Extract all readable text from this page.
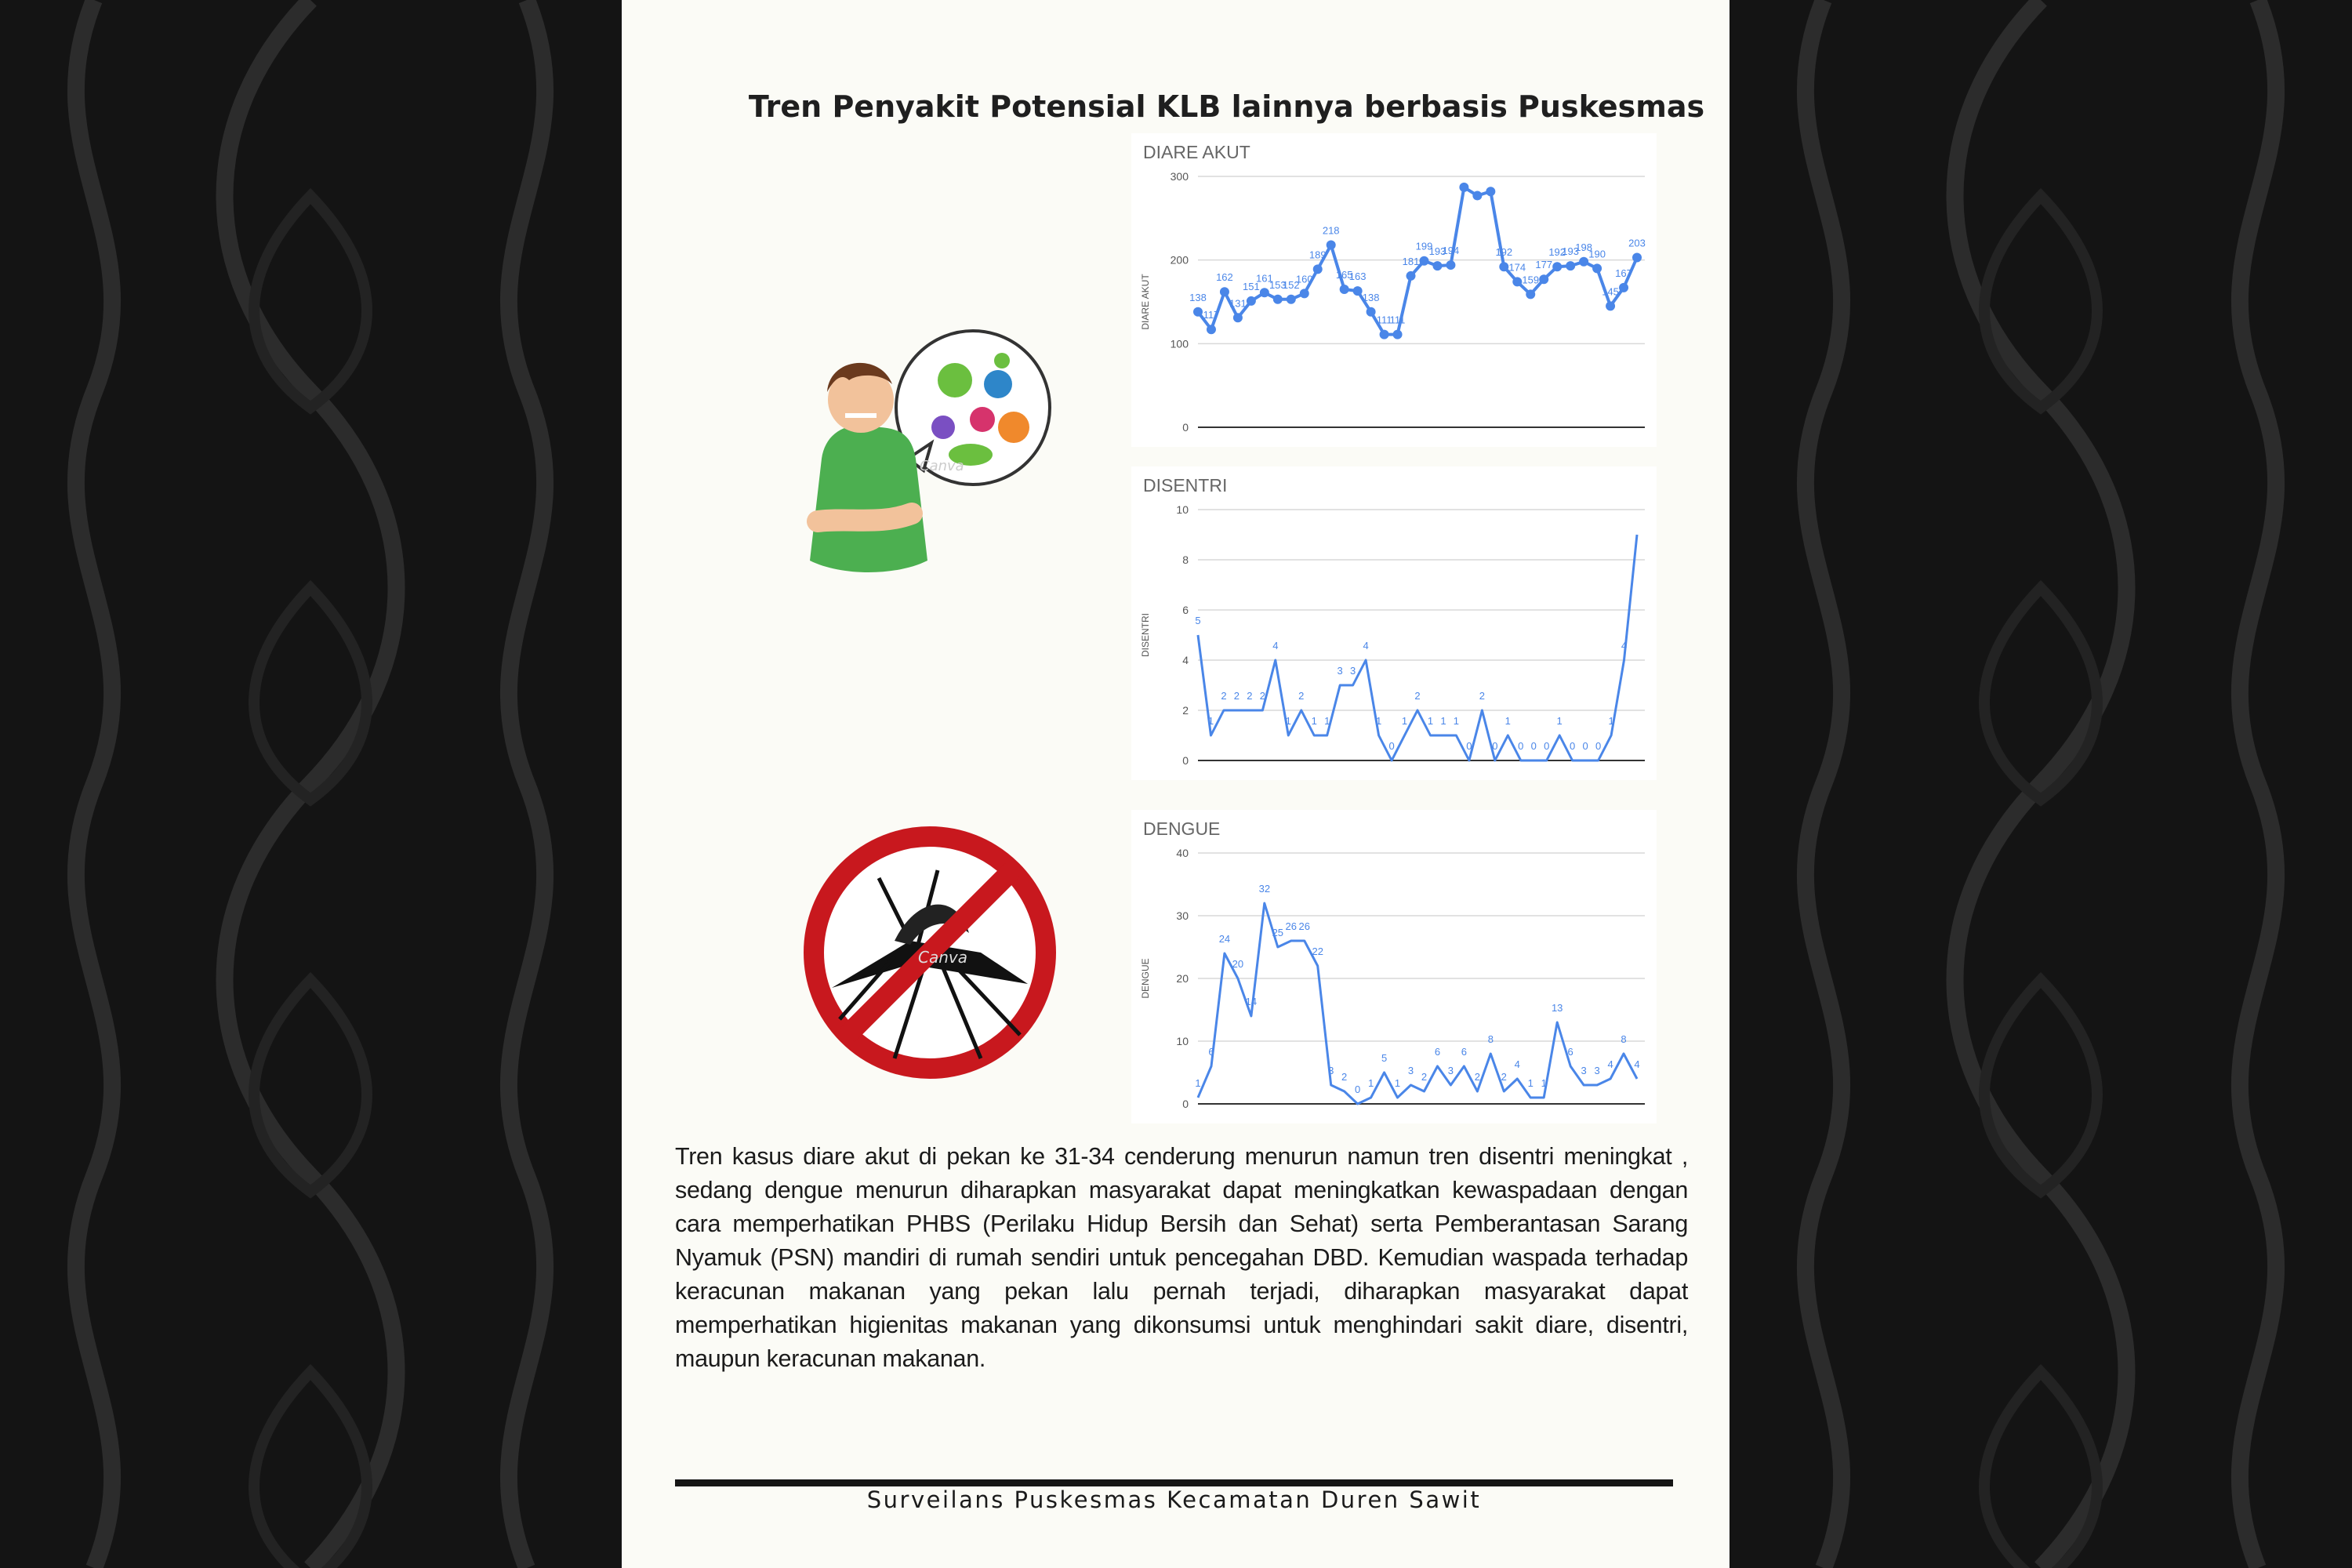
Tren Penyakit Potensial KLB lainnya berbasis Puskesmas
Canva
Canva
DIARE AKUT
DIARE AKUT
0
100
200
300
138
117
162
131
151
161
153
152
160
189
218
165
163
138
111
111
181
199
193
194	192
174
159
177
192
193
198
190
145
167
203
DISENTRI
DISENTRI
0
2
4
6
8
10
5
1
2 2 2 2
4
1
2
1 1
3 3
4
1
0
1
2
1 1 1
0
2
0
1
0 0 0
1
0 0 0
1
4
DENGUE
DENGUE
0
10
20
30
40
1
6
24
20
14
32
25
26 26
22
3
2
0
1
5
1
3
2
6
3
6
2
8
2
4
1 1
13
6
3 3
4
8
4
Tren kasus diare akut di pekan ke 31-34 cenderung menurun namun tren disentri meningkat , sedang dengue menurun diharapkan masyarakat dapat meningkatkan kewaspadaan dengan cara memperhatikan PHBS (Perilaku Hidup Bersih dan Sehat) serta Pemberantasan Sarang Nyamuk (PSN) mandiri di rumah sendiri untuk pencegahan DBD. Kemudian waspada terhadap keracunan makanan yang pekan lalu pernah terjadi, diharapkan masyarakat dapat memperhatikan higienitas makanan yang dikonsumsi untuk menghindari sakit diare, disentri, maupun keracunan makanan.
Surveilans Puskesmas Kecamatan Duren Sawit
